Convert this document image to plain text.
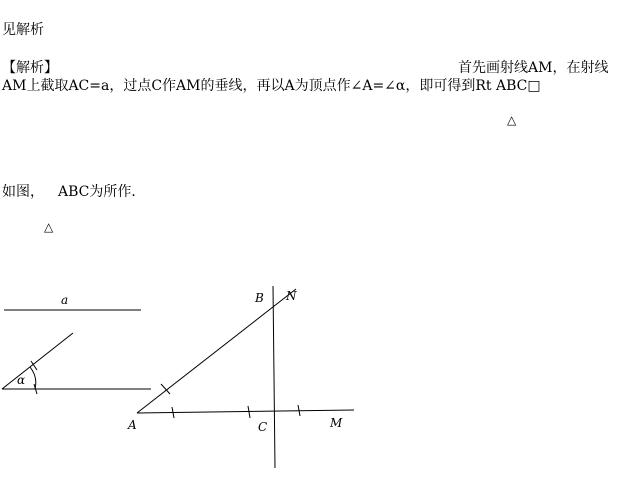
见解析
【解析】	首先画射线AM，在射线
AM上截取AC=a，过点C作AM的垂线，再以A为顶点作∠A=∠α，即可得到Rt ABC□
△
如图， ABC为所作．
△
a
α
A
B
C	M
N
